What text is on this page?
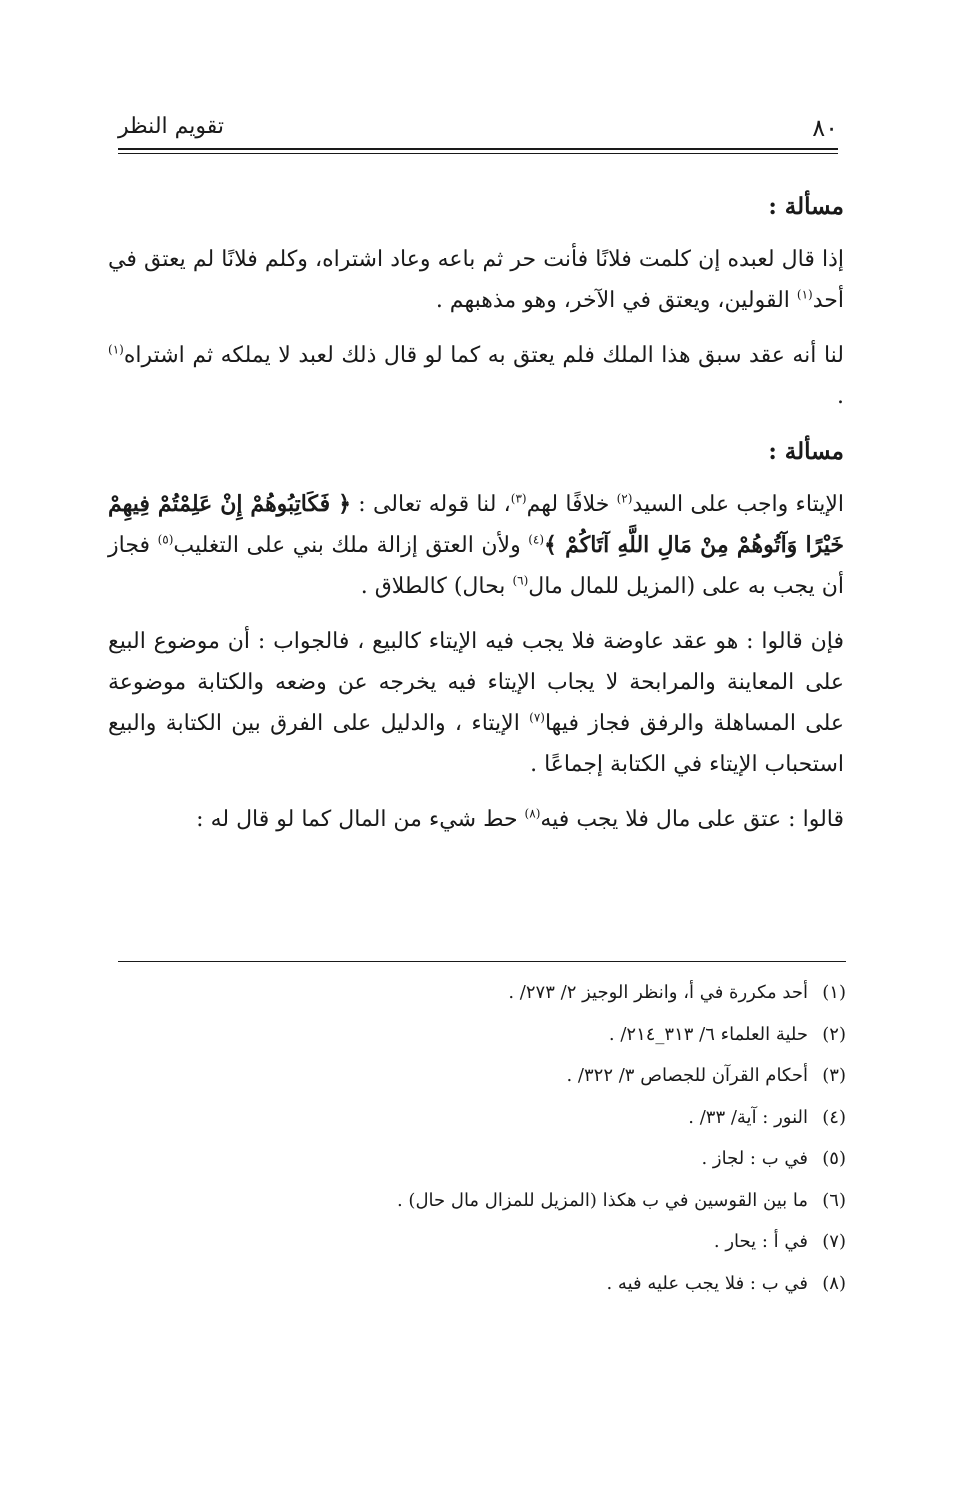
٨٠
تقويم النظر
مسألة :
إذا قال لعبده إن كلمت فلانًا فأنت حر ثم باعه وعاد اشتراه، وكلم فلانًا لم يعتق في أحد$^{(١)}$ القولين، ويعتق في الآخر، وهو مذهبهم .
لنا أنه عقد سبق هذا الملك فلم يعتق به كما لو قال ذلك لعبد لا يملكه ثم اشتراه$^{(١)}$ .
مسألة :
الإيتاء واجب على السيد$^{(٢)}$ خلافًا لهم$^{(٣)}$، لنا قوله تعالى : ﴿ فَكَاتِبُوهُمْ إِنْ عَلِمْتُمْ فِيهِمْ خَيْرًا وَآتُوهُمْ مِنْ مَالِ اللَّهِ آتَاكُمْ ﴾$^{(٤)}$ ولأن العتق إزالة ملك بني على التغليب$^{(٥)}$ فجاز أن يجب به على (المزيل للمال مال$^{(٦)}$ بحال) كالطلاق .
فإن قالوا : هو عقد عاوضة فلا يجب فيه الإيتاء كالبيع ، فالجواب : أن موضوع البيع على المعاينة والمرابحة لا يجاب الإيتاء فيه يخرجه عن وضعه والكتابة موضوعة على المساهلة والرفق فجاز فيها$^{(٧)}$ الإيتاء ، والدليل على الفرق بين الكتابة والبيع استحباب الإيتاء في الكتابة إجماعًا .
قالوا : عتق على مال فلا يجب فيه$^{(٨)}$ حط شيء من المال كما لو قال له :
(١)أحد مكررة في أ، وانظر الوجيز ٢/ ٢٧٣/ .
(٢)حلية العلماء ٦/ ٣١٣_٢١٤/ .
(٣)أحكام القرآن للجصاص ٣/ ٣٢٢/ .
(٤)النور : آية/ ٣٣/ .
(٥)في ب : لجاز .
(٦)ما بين القوسين في ب هكذا (المزيل للمزال مال حال) .
(٧)في أ : يحار .
(٨)في ب : فلا يجب عليه فيه .
